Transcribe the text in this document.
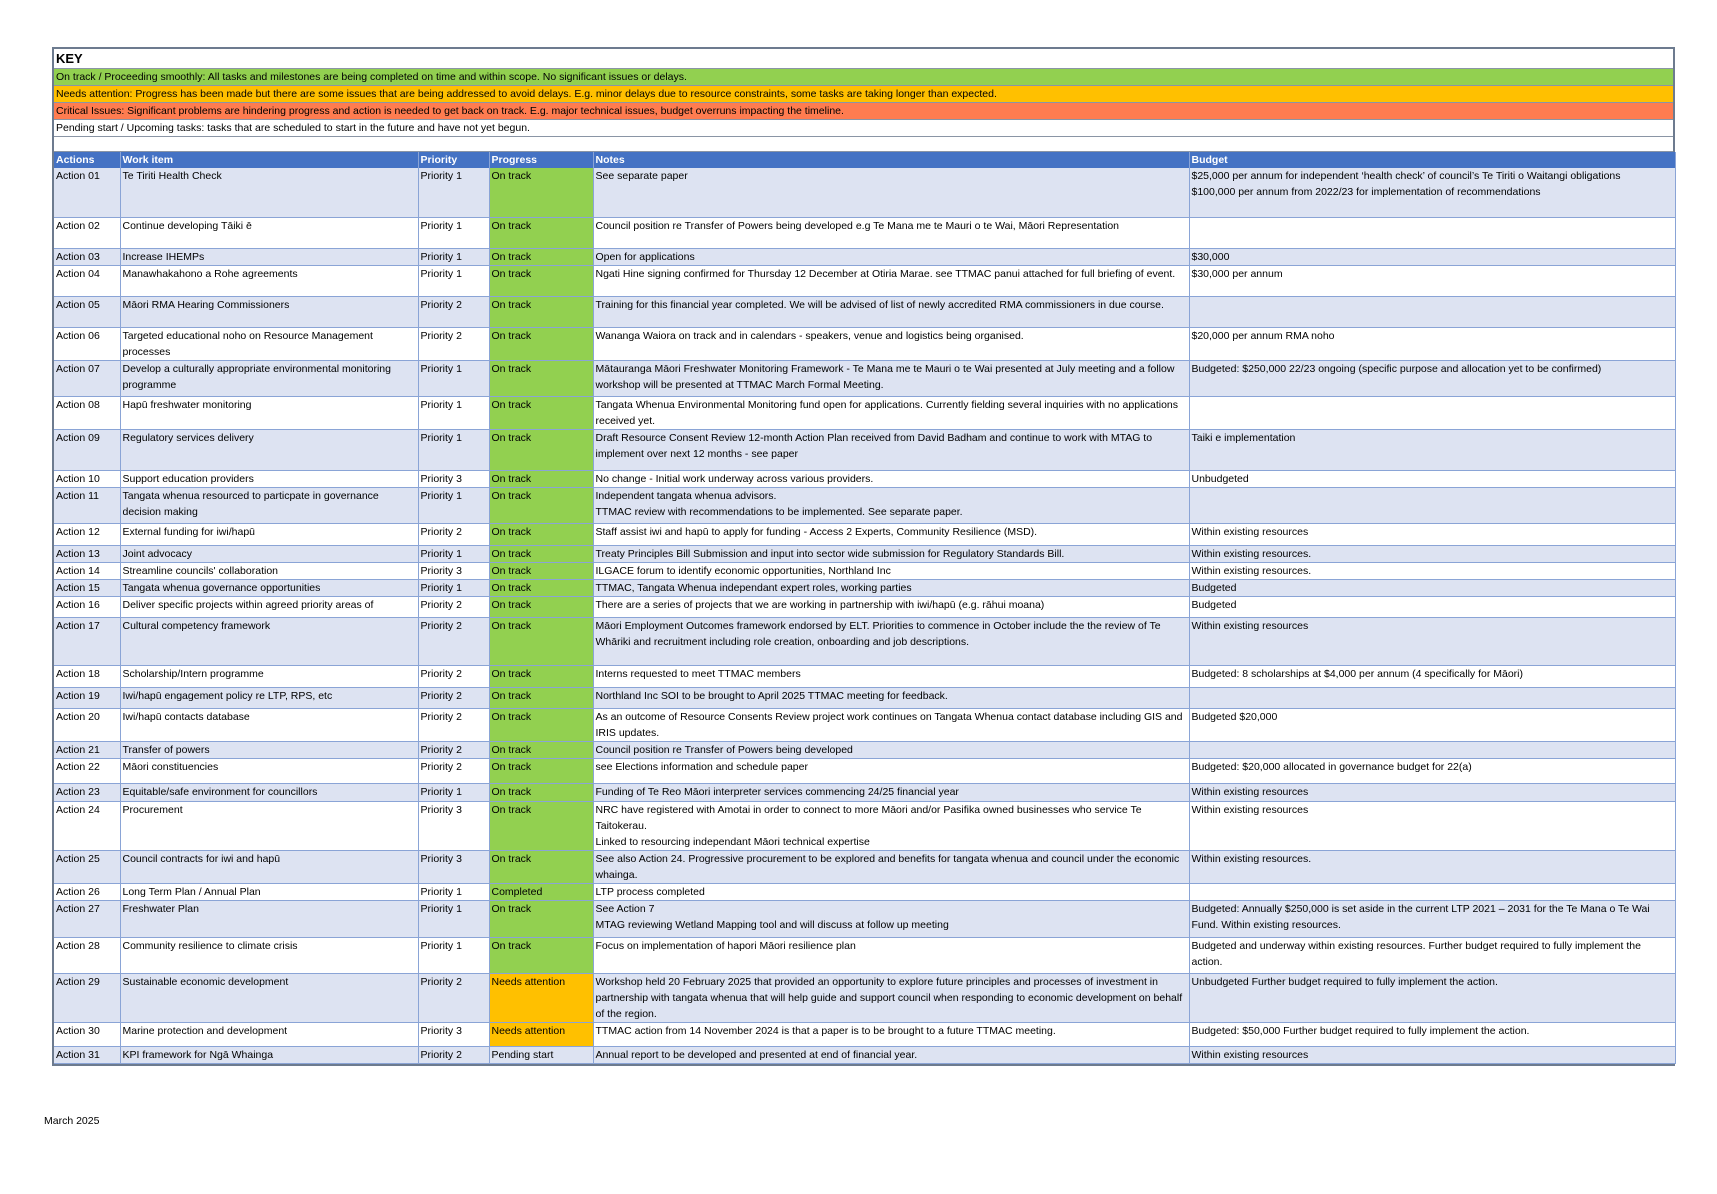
KEY
On track / Proceeding smoothly: All tasks and milestones are being completed on time and within scope. No significant issues or delays.
Needs attention: Progress has been made but there are some issues that are being addressed to avoid delays. E.g. minor delays due to resource constraints, some tasks are taking longer than expected.
Critical Issues: Significant problems are hindering progress and action is needed to get back on track. E.g. major technical issues, budget overruns impacting the timeline.
Pending start / Upcoming tasks: tasks that are scheduled to start in the future and have not yet begun.
Actions	Work item	Priority	Progress	Notes	Budget
Action 01	Te Tiriti Health Check	Priority 1	On track	See separate paper	$25,000 per annum for independent ‘health check’ of council’s Te Tiriti o Waitangi obligations
$100,000 per annum from 2022/23 for implementation of recommendations
Action 02	Continue developing Tāiki ē	Priority 1	On track	Council position re Transfer of Powers being developed e.g Te Mana me te Mauri o te Wai, Māori Representation	
Action 03	Increase IHEMPs	Priority 1	On track	Open for applications	$30,000
Action 04	Manawhakahono a Rohe agreements	Priority 1	On track	Ngati Hine signing confirmed for Thursday 12 December at Otiria Marae. see TTMAC panui attached for full briefing of event.	$30,000 per annum
Action 05	Māori RMA Hearing Commissioners	Priority 2	On track	Training for this financial year completed. We will be advised of list of newly accredited RMA commissioners in due course.	
Action 06	Targeted educational noho on Resource Management processes	Priority 2	On track	Wananga Waiora on track and in calendars - speakers, venue and logistics being organised.	$20,000 per annum RMA noho
Action 07	Develop a culturally appropriate environmental monitoring programme	Priority 1	On track	Mātauranga Māori Freshwater Monitoring Framework - Te Mana me te Mauri o te Wai presented at July meeting and a follow workshop will be presented at TTMAC March Formal Meeting.	Budgeted: $250,000 22/23 ongoing (specific purpose and allocation yet to be confirmed)
Action 08	Hapū freshwater monitoring	Priority 1	On track	Tangata Whenua Environmental Monitoring fund open for applications. Currently fielding several inquiries with no applications received yet.	
Action 09	Regulatory services delivery	Priority 1	On track	Draft Resource Consent Review 12-month Action Plan received from David Badham and continue to work with MTAG to implement over next 12 months - see paper	Taiki e implementation
Action 10	Support education providers	Priority 3	On track	No change - Initial work underway across various providers.	Unbudgeted
Action 11	Tangata whenua resourced to particpate in governance decision making	Priority 1	On track	Independent tangata whenua advisors.
TTMAC review with recommendations to be implemented. See separate paper.	
Action 12	External funding for iwi/hapū	Priority 2	On track	Staff assist iwi and hapū to apply for funding - Access 2 Experts, Community Resilience (MSD).	Within existing resources
Action 13	Joint advocacy	Priority 1	On track	Treaty Principles Bill Submission and input into sector wide submission for Regulatory Standards Bill.	Within existing resources.
Action 14	Streamline councils' collaboration	Priority 3	On track	ILGACE forum to identify economic opportunities, Northland Inc	Within existing resources.
Action 15	Tangata whenua governance opportunities	Priority 1	On track	TTMAC, Tangata Whenua independant expert roles, working parties	Budgeted
Action 16	Deliver specific projects within agreed priority areas of	Priority 2	On track	There are a series of projects that we are working in partnership with iwi/hapū (e.g. rāhui moana)	Budgeted
Action 17	Cultural competency framework	Priority 2	On track	Māori Employment Outcomes framework endorsed by ELT. Priorities to commence in October include the the review of Te Whāriki and recruitment including role creation, onboarding and job descriptions.	Within existing resources
Action 18	Scholarship/Intern programme	Priority 2	On track	Interns requested to meet TTMAC members	Budgeted: 8 scholarships at $4,000 per annum (4 specifically for Māori)
Action 19	Iwi/hapū engagement policy re LTP, RPS, etc	Priority 2	On track	Northland Inc SOI to be brought to April 2025 TTMAC meeting for feedback.	
Action 20	Iwi/hapū contacts database	Priority 2	On track	As an outcome of Resource Consents Review project work continues on Tangata Whenua contact database including GIS and IRIS updates.	Budgeted $20,000
Action 21	Transfer of powers	Priority 2	On track	Council position re Transfer of Powers being developed	
Action 22	Māori constituencies	Priority 2	On track	see Elections information and schedule paper	Budgeted: $20,000 allocated in governance budget for 22(a)
Action 23	Equitable/safe environment for councillors	Priority 1	On track	Funding of Te Reo Māori interpreter services commencing 24/25 financial year	Within existing resources
Action 24	Procurement	Priority 3	On track	NRC have registered with Amotai in order to connect to more Māori and/or Pasifika owned businesses who service Te Taitokerau.
Linked to resourcing independant Māori technical expertise	Within existing resources
Action 25	Council contracts for iwi and hapū	Priority 3	On track	See also Action 24. Progressive procurement to be explored and benefits for tangata whenua and council under the economic whainga.	Within existing resources.
Action 26	Long Term Plan / Annual Plan	Priority 1	Completed	LTP process completed	
Action 27	Freshwater Plan	Priority 1	On track	See Action 7
MTAG reviewing Wetland Mapping tool and will discuss at follow up meeting	Budgeted: Annually $250,000 is set aside in the current LTP 2021 – 2031 for the Te Mana o Te Wai Fund. Within existing resources.
Action 28	Community resilience to climate crisis	Priority 1	On track	Focus on implementation of hapori Māori resilience plan	Budgeted and underway within existing resources. Further budget required to fully implement the action.
Action 29	Sustainable economic development	Priority 2	Needs attention	Workshop held 20 February 2025 that provided an opportunity to explore future principles and processes of investment in partnership with tangata whenua that will help guide and support council when responding to economic development on behalf of the region.	Unbudgeted Further budget required to fully implement the action.
Action 30	Marine protection and development	Priority 3	Needs attention	TTMAC action from 14 November 2024 is that a paper is to be brought to a future TTMAC meeting.	Budgeted: $50,000 Further budget required to fully implement the action.
Action 31	KPI framework for Ngā Whainga	Priority 2	Pending start	Annual report to be developed and presented at end of financial year.	Within existing resources
March 2025
